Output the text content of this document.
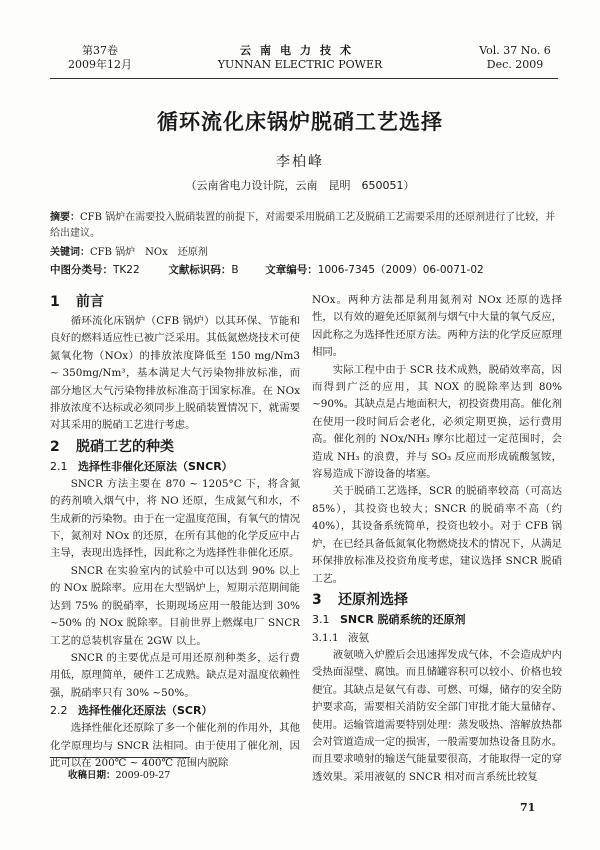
第37卷
2009年12月
云南电力技术
YUNNAN ELECTRIC POWER
Vol. 37 No. 6
Dec. 2009
循环流化床锅炉脱硝工艺选择
李柏峰
（云南省电力设计院，云南　昆明　650051）
摘要：CFB 锅炉在需要投入脱硝装置的前提下，对需要采用脱硝工艺及脱硝工艺需要采用的还原剂进行了比较，并给出建议。
关键词：CFB 锅炉　NOx　还原剂
中图分类号：TK22	文献标识码：B	文章编号：1006-7345（2009）06-0071-02
1 前言

循环流化床锅炉（CFB 锅炉）以其环保、节能和良好的燃料适应性已被广泛采用。其低氮燃烧技术可使氮氧化物（NOx）的排放浓度降低至 150 mg/Nm3 ~ 350mg/Nm³，基本满足大气污染物排放标准，而部分地区大气污染物排放标准高于国家标准。在 NOx 排放浓度不达标或必须同步上脱硝装置情况下，就需要对其采用的脱硝工艺进行考虑。

2 脱硝工艺的种类
2.1 选择性非催化还原法（SNCR）

SNCR 方法主要在 870 ~ 1205°C 下，将含氮的药剂喷入烟气中，将 NO 还原，生成氮气和水，不生成新的污染物。由于在一定温度范围，有氧气的情况下，氮剂对 NOx 的还原，在所有其他的化学反应中占主导，表现出选择性，因此称之为选择性非催化还原。

SNCR 在实验室内的试验中可以达到 90% 以上的 NOx 脱除率。应用在大型锅炉上，短期示范期间能达到 75% 的脱硝率，长期现场应用一般能达到 30% ~50% 的 NOx 脱除率。目前世界上燃煤电厂 SNCR 工艺的总装机容量在 2GW 以上。

SNCR 的主要优点是可用还原剂种类多，运行费用低，原理简单，硬件工艺成熟。缺点是对温度依赖性强，脱硝率只有 30% ~50%。

2.2 选择性催化还原法（SCR）

选择性催化还原除了多一个催化剂的作用外，其他化学原理均与 SNCR 法相同。由于使用了催化剂，因此可以在 200℃ ~ 400℃ 范围内脱除

收稿日期：2009-09-27

NOx。两种方法都是利用氮剂对 NOx 还原的选择性，以有效的避免还原氮剂与烟气中大量的氧气反应，因此称之为选择性还原方法。两种方法的化学反应原理相同。

实际工程中由于 SCR 技术成熟，脱硝效率高，因而得到广泛的应用，其 NOX 的脱除率达到 80% ~90%。其缺点是占地面积大，初投资费用高。催化剂在使用一段时间后会老化，必须定期更换，运行费用高。催化剂的 NOx/NH₃ 摩尔比超过一定范围时，会造成 NH₃ 的浪费，并与 SO₃ 反应而形成硫酸氢铵，容易造成下游设备的堵塞。

关于脱硝工艺选择，SCR 的脱硝率较高（可高达 85%），其投资也较大；SNCR 的脱硝率不高（约 40%），其设备系统简单，投资也较小。对于 CFB 锅炉，在已经具备低氮氧化物燃烧技术的情况下，从满足环保排放标准及投资角度考虑，建议选择 SNCR 脱硝工艺。

3 还原剂选择
3.1 SNCR 脱硝系统的还原剂
3.1.1 液氨

液氨喷入炉膛后会迅速挥发成气体，不会造成炉内受热面湿壁、腐蚀。而且储罐容积可以较小、价格也较便宜。其缺点是氨气有毒、可燃、可爆，储存的安全防护要求高，需要相关消防安全部门审批才能大量储存、使用。运输管道需要特别处理：蒸发吸热、溶解放热都会对管道造成一定的损害，一般需要加热设备且防水。而且要求喷射的输送气能量要很高，才能取得一定的穿透效果。采用液氨的 SNCR 相对而言系统比较复

71
